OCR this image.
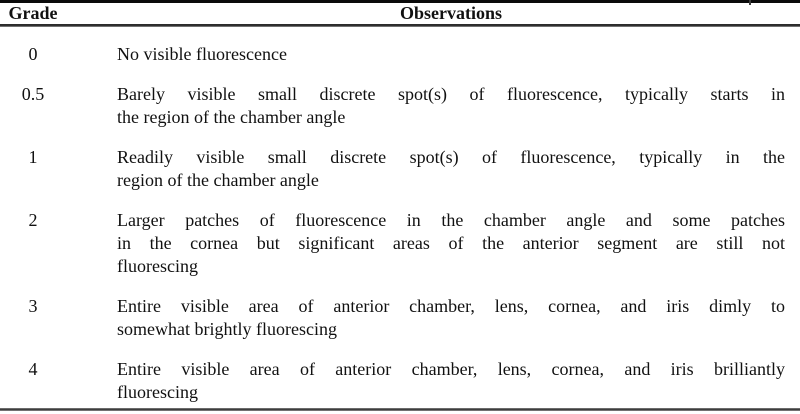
Grade	Observations
0	No visible fluorescence
0.5	Barely visible small discrete spot(s) of fluorescence, typically starts in
the region of the chamber angle
1	Readily visible small discrete spot(s) of fluorescence, typically in the
region of the chamber angle
2	Larger patches of fluorescence in the chamber angle and some patches
in the cornea but significant areas of the anterior segment are still not
fluorescing
3	Entire visible area of anterior chamber, lens, cornea, and iris dimly to
somewhat brightly fluorescing
4	Entire visible area of anterior chamber, lens, cornea, and iris brilliantly
fluorescing
